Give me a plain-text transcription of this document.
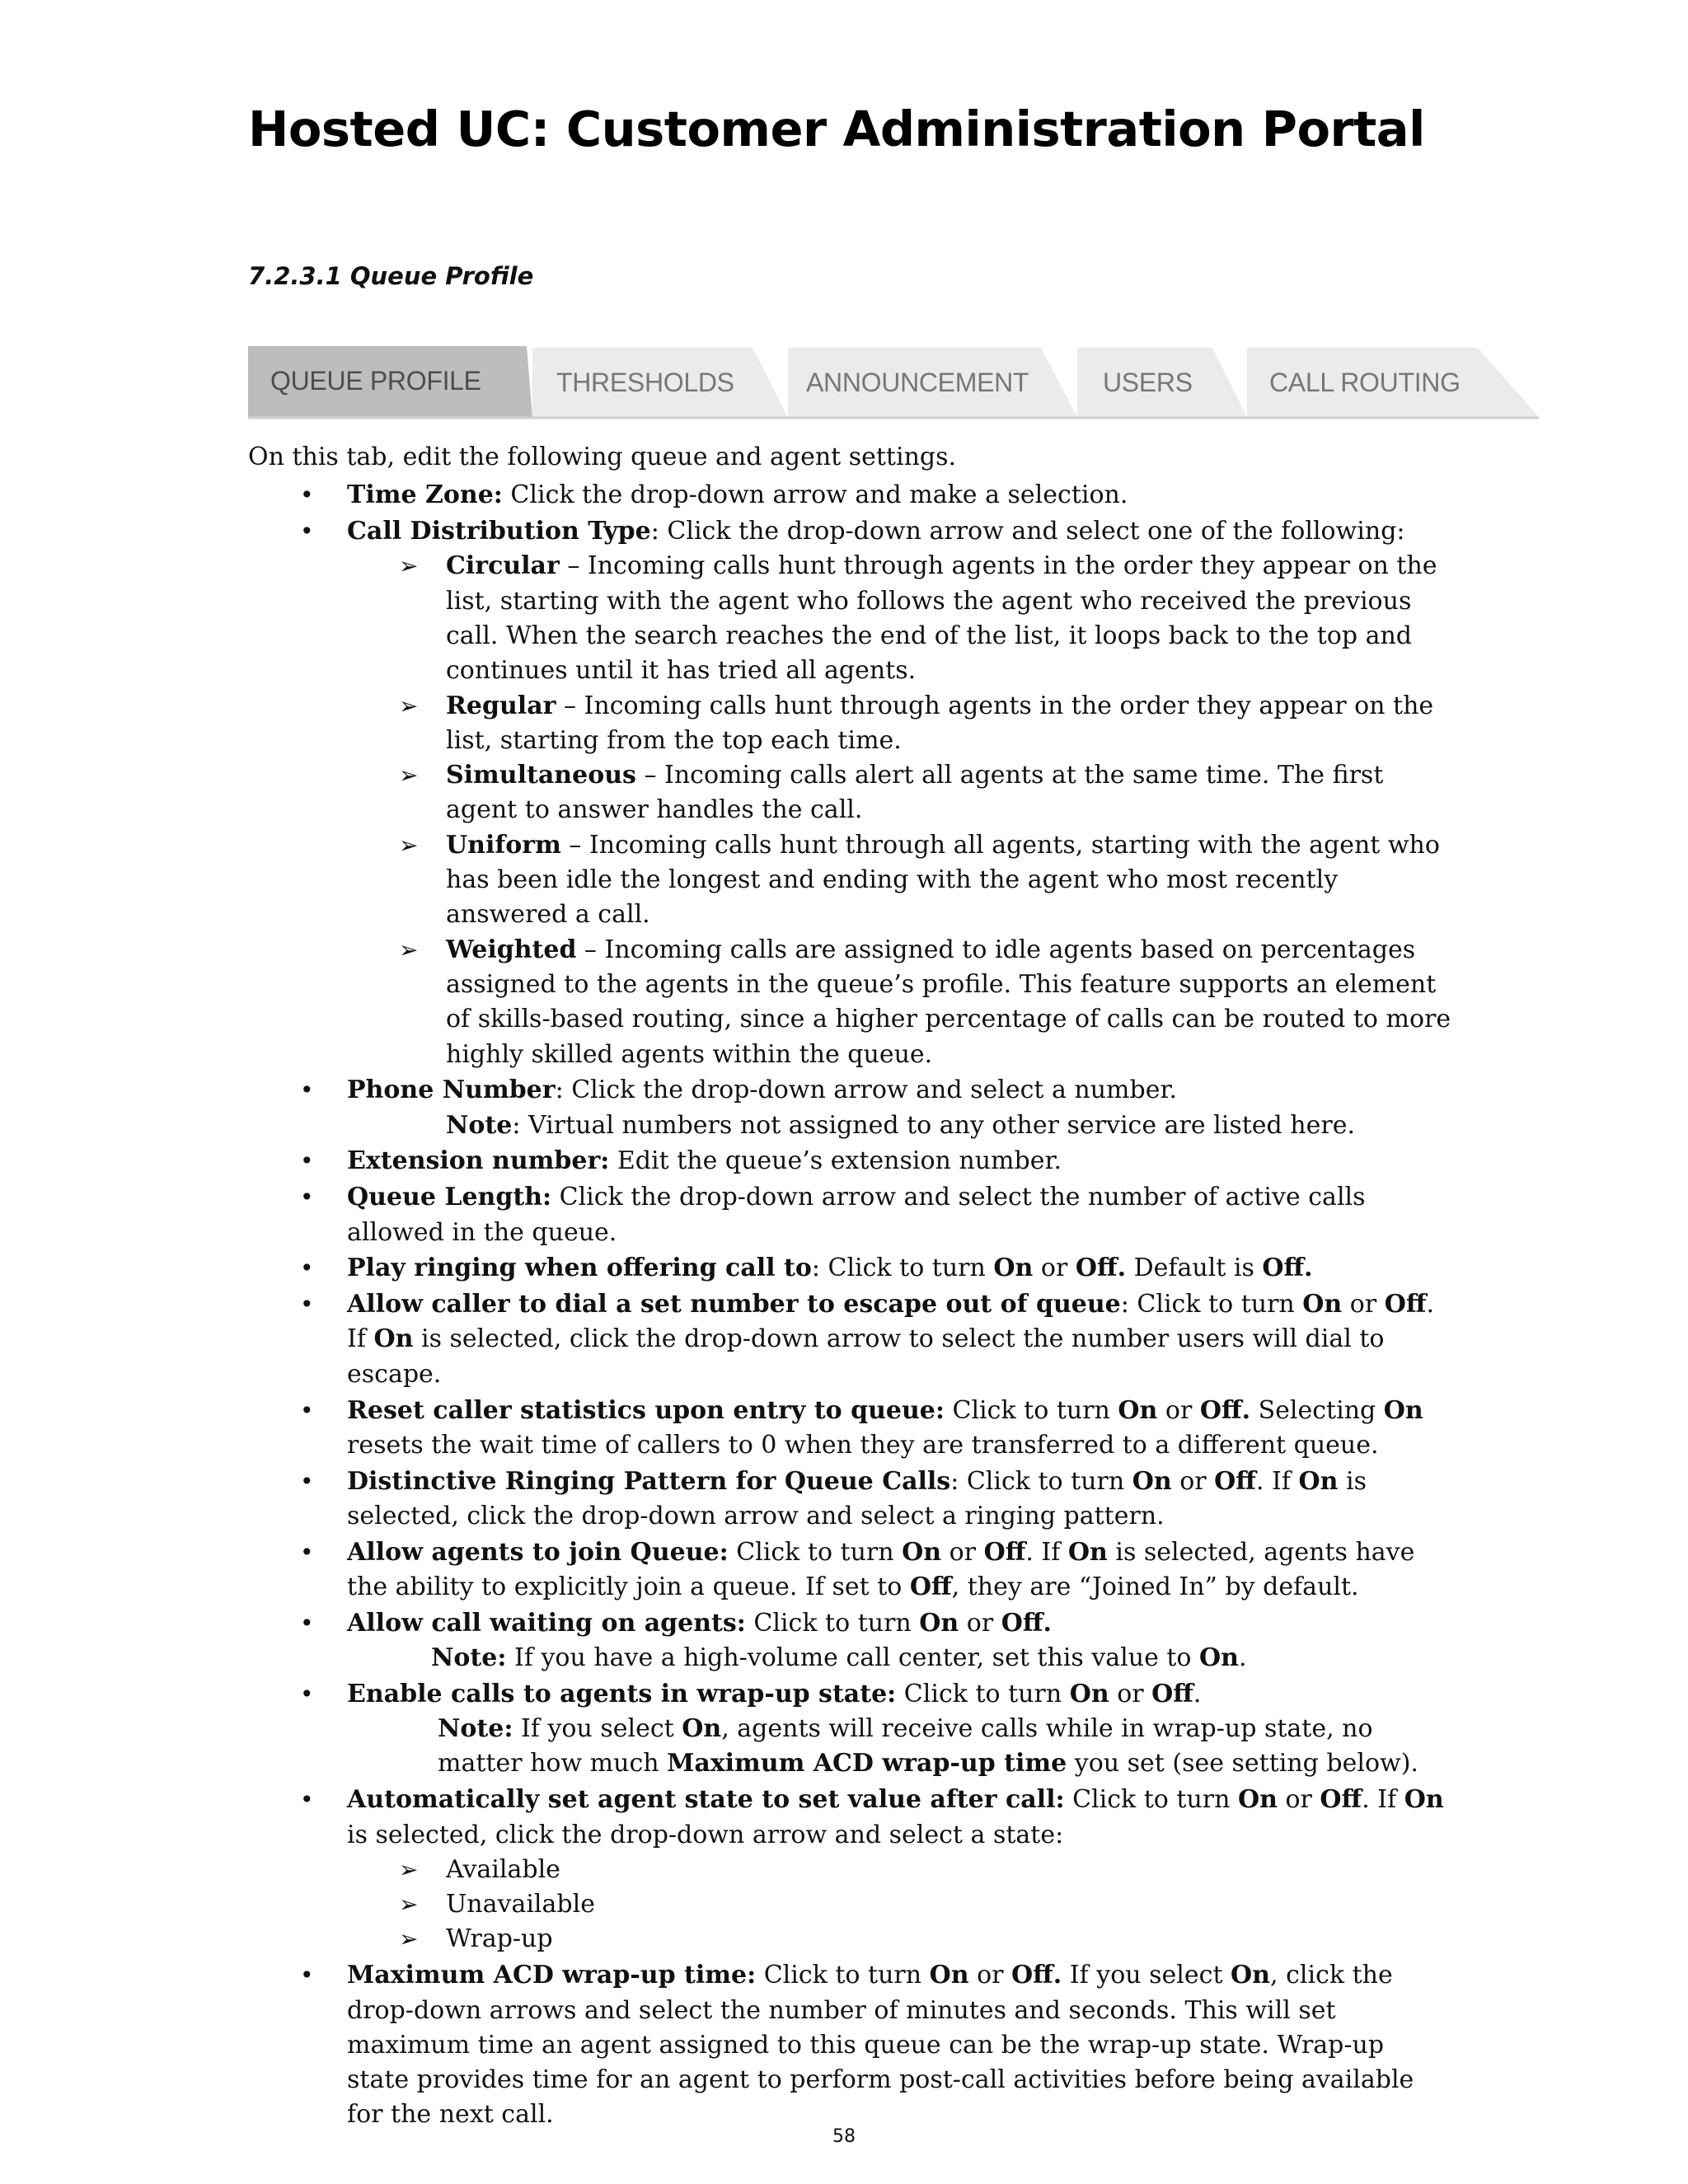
Hosted UC: Customer Administration Portal
7.2.3.1 Queue Profile
QUEUE PROFILE	THRESHOLDS	ANNOUNCEMENT	USERS	CALL ROUTING

On this tab, edit the following queue and agent settings.

• Time Zone: Click the drop-down arrow and make a selection.
• Call Distribution Type: Click the drop-down arrow and select one of the following:
➢ Circular – Incoming calls hunt through agents in the order they appear on the list, starting with the agent who follows the agent who received the previous call. When the search reaches the end of the list, it loops back to the top and continues until it has tried all agents.
➢ Regular – Incoming calls hunt through agents in the order they appear on the list, starting from the top each time.
➢ Simultaneous – Incoming calls alert all agents at the same time. The first agent to answer handles the call.
➢ Uniform – Incoming calls hunt through all agents, starting with the agent who has been idle the longest and ending with the agent who most recently answered a call.
➢ Weighted – Incoming calls are assigned to idle agents based on percentages assigned to the agents in the queue’s profile. This feature supports an element of skills-based routing, since a higher percentage of calls can be routed to more highly skilled agents within the queue.
• Phone Number: Click the drop-down arrow and select a number.
Note: Virtual numbers not assigned to any other service are listed here.
• Extension number: Edit the queue’s extension number.
• Queue Length: Click the drop-down arrow and select the number of active calls allowed in the queue.
• Play ringing when offering call to: Click to turn On or Off. Default is Off.
• Allow caller to dial a set number to escape out of queue: Click to turn On or Off. If On is selected, click the drop-down arrow to select the number users will dial to escape.
• Reset caller statistics upon entry to queue: Click to turn On or Off. Selecting On resets the wait time of callers to 0 when they are transferred to a different queue.
• Distinctive Ringing Pattern for Queue Calls: Click to turn On or Off. If On is selected, click the drop-down arrow and select a ringing pattern.
• Allow agents to join Queue: Click to turn On or Off. If On is selected, agents have the ability to explicitly join a queue. If set to Off, they are “Joined In” by default.
• Allow call waiting on agents: Click to turn On or Off.
Note: If you have a high-volume call center, set this value to On.
• Enable calls to agents in wrap-up state: Click to turn On or Off.
Note: If you select On, agents will receive calls while in wrap-up state, no matter how much Maximum ACD wrap-up time you set (see setting below).
• Automatically set agent state to set value after call: Click to turn On or Off. If On is selected, click the drop-down arrow and select a state:
➢ Available
➢ Unavailable
➢ Wrap-up
• Maximum ACD wrap-up time: Click to turn On or Off. If you select On, click the drop-down arrows and select the number of minutes and seconds. This will set maximum time an agent assigned to this queue can be the wrap-up state. Wrap-up state provides time for an agent to perform post-call activities before being available for the next call.
58
